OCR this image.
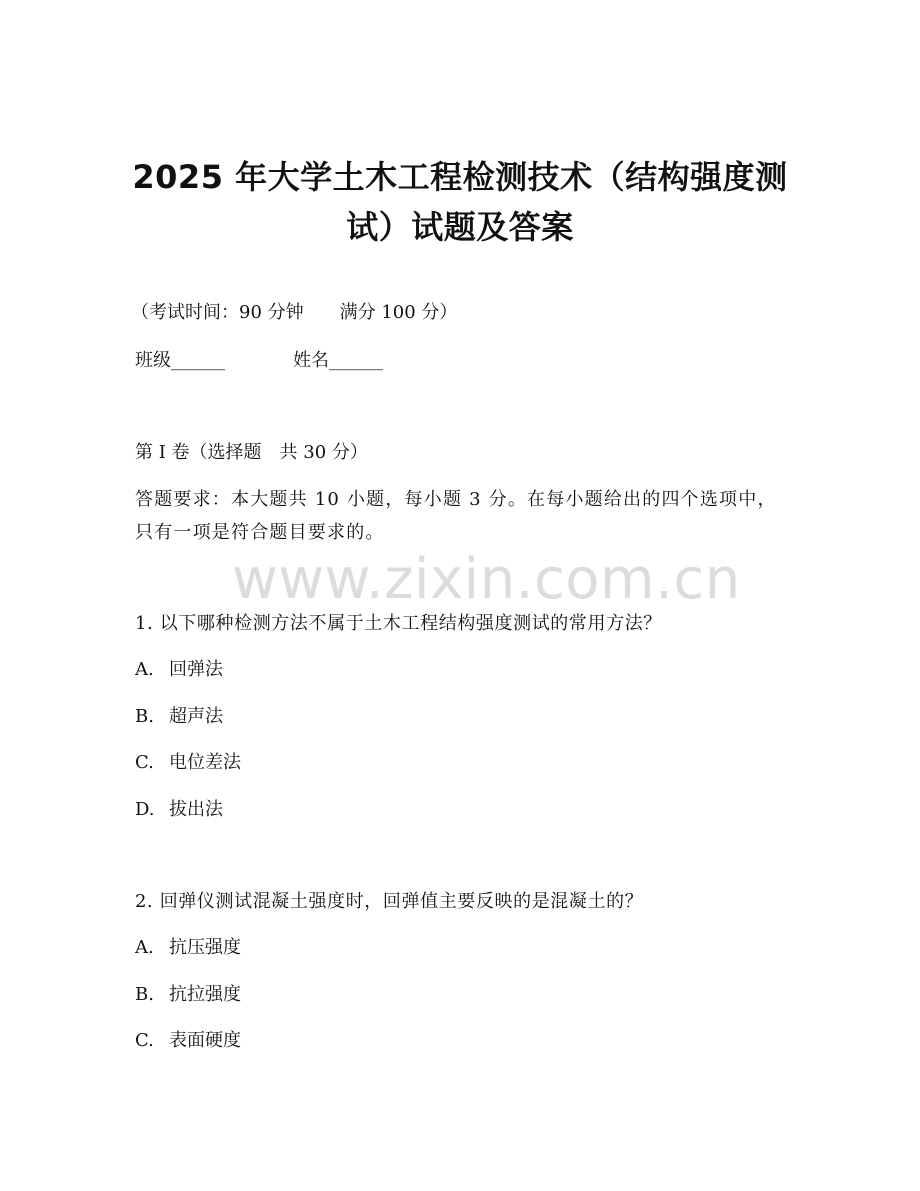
2025 年大学土木工程检测技术（结构强度测
试）试题及答案
（考试时间：90 分钟　　满分 100 分）
班级______	姓名______
第 I 卷（选择题　共 30 分）
答题要求：本大题共 10 小题，每小题 3 分。在每小题给出的四个选项中，只有一项是符合题目要求的。
www.zixin.com.cn
1. 以下哪种检测方法不属于土木工程结构强度测试的常用方法？
A. 回弹法
B. 超声法
C. 电位差法
D. 拔出法
2. 回弹仪测试混凝土强度时，回弹值主要反映的是混凝土的？
A. 抗压强度
B. 抗拉强度
C. 表面硬度
